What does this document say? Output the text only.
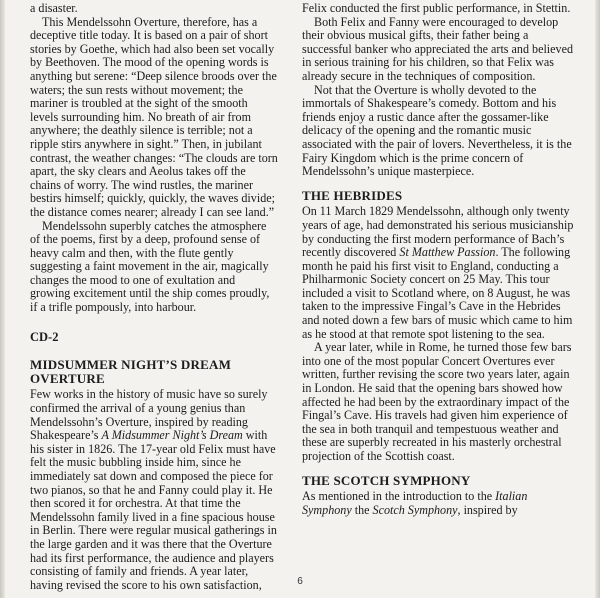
a disaster.

This Mendelssohn Overture, therefore, has a deceptive title today. It is based on a pair of short stories by Goethe, which had also been set vocally by Beethoven. The mood of the opening words is anything but serene: “Deep silence broods over the waters; the sun rests without movement; the mariner is troubled at the sight of the smooth levels surrounding him. No breath of air from anywhere; the deathly silence is terrible; not a ripple stirs anywhere in sight.” Then, in jubilant contrast, the weather changes: “The clouds are torn apart, the sky clears and Aeolus takes off the chains of worry. The wind rustles, the mariner bestirs himself; quickly, quickly, the waves divide; the distance comes nearer; already I can see land.”

Mendelssohn superbly catches the atmosphere of the poems, first by a deep, profound sense of heavy calm and then, with the flute gently suggesting a faint movement in the air, magically changes the mood to one of exultation and growing excitement until the ship comes proudly, if a trifle pompously, into harbour.

CD-2
MIDSUMMER NIGHT’S DREAM OVERTURE

Few works in the history of music have so surely confirmed the arrival of a young genius than Mendelssohn’s Overture, inspired by reading Shakespeare’s A Midsummer Night’s Dream with his sister in 1826. The 17-year old Felix must have felt the music bubbling inside him, since he immediately sat down and composed the piece for two pianos, so that he and Fanny could play it. He then scored it for orchestra. At that time the Mendelssohn family lived in a fine spacious house in Berlin. There were regular musical gatherings in the large garden and it was there that the Overture had its first performance, the audience and players consisting of family and friends. A year later, having revised the score to his own satisfaction,

Felix conducted the first public performance, in Stettin.

Both Felix and Fanny were encouraged to develop their obvious musical gifts, their father being a successful banker who appreciated the arts and believed in serious training for his children, so that Felix was already secure in the techniques of composition.

Not that the Overture is wholly devoted to the immortals of Shakespeare’s comedy. Bottom and his friends enjoy a rustic dance after the gossamer-like delicacy of the opening and the romantic music associated with the pair of lovers. Nevertheless, it is the Fairy Kingdom which is the prime concern of Mendelssohn’s unique masterpiece.

THE HEBRIDES

On 11 March 1829 Mendelssohn, although only twenty years of age, had demonstrated his serious musicianship by conducting the first modern performance of Bach’s recently discovered St Matthew Passion. The following month he paid his first visit to England, conducting a Philharmonic Society concert on 25 May. This tour included a visit to Scotland where, on 8 August, he was taken to the impressive Fingal’s Cave in the Hebrides and noted down a few bars of music which came to him as he stood at that remote spot listening to the sea.

A year later, while in Rome, he turned those few bars into one of the most popular Concert Overtures ever written, further revising the score two years later, again in London. He said that the opening bars showed how affected he had been by the extraordinary impact of the Fingal’s Cave. His travels had given him experience of the sea in both tranquil and tempestuous weather and these are superbly recreated in his masterly orchestral projection of the Scottish coast.

THE SCOTCH SYMPHONY

As mentioned in the introduction to the Italian Symphony the Scotch Symphony, inspired by

6
